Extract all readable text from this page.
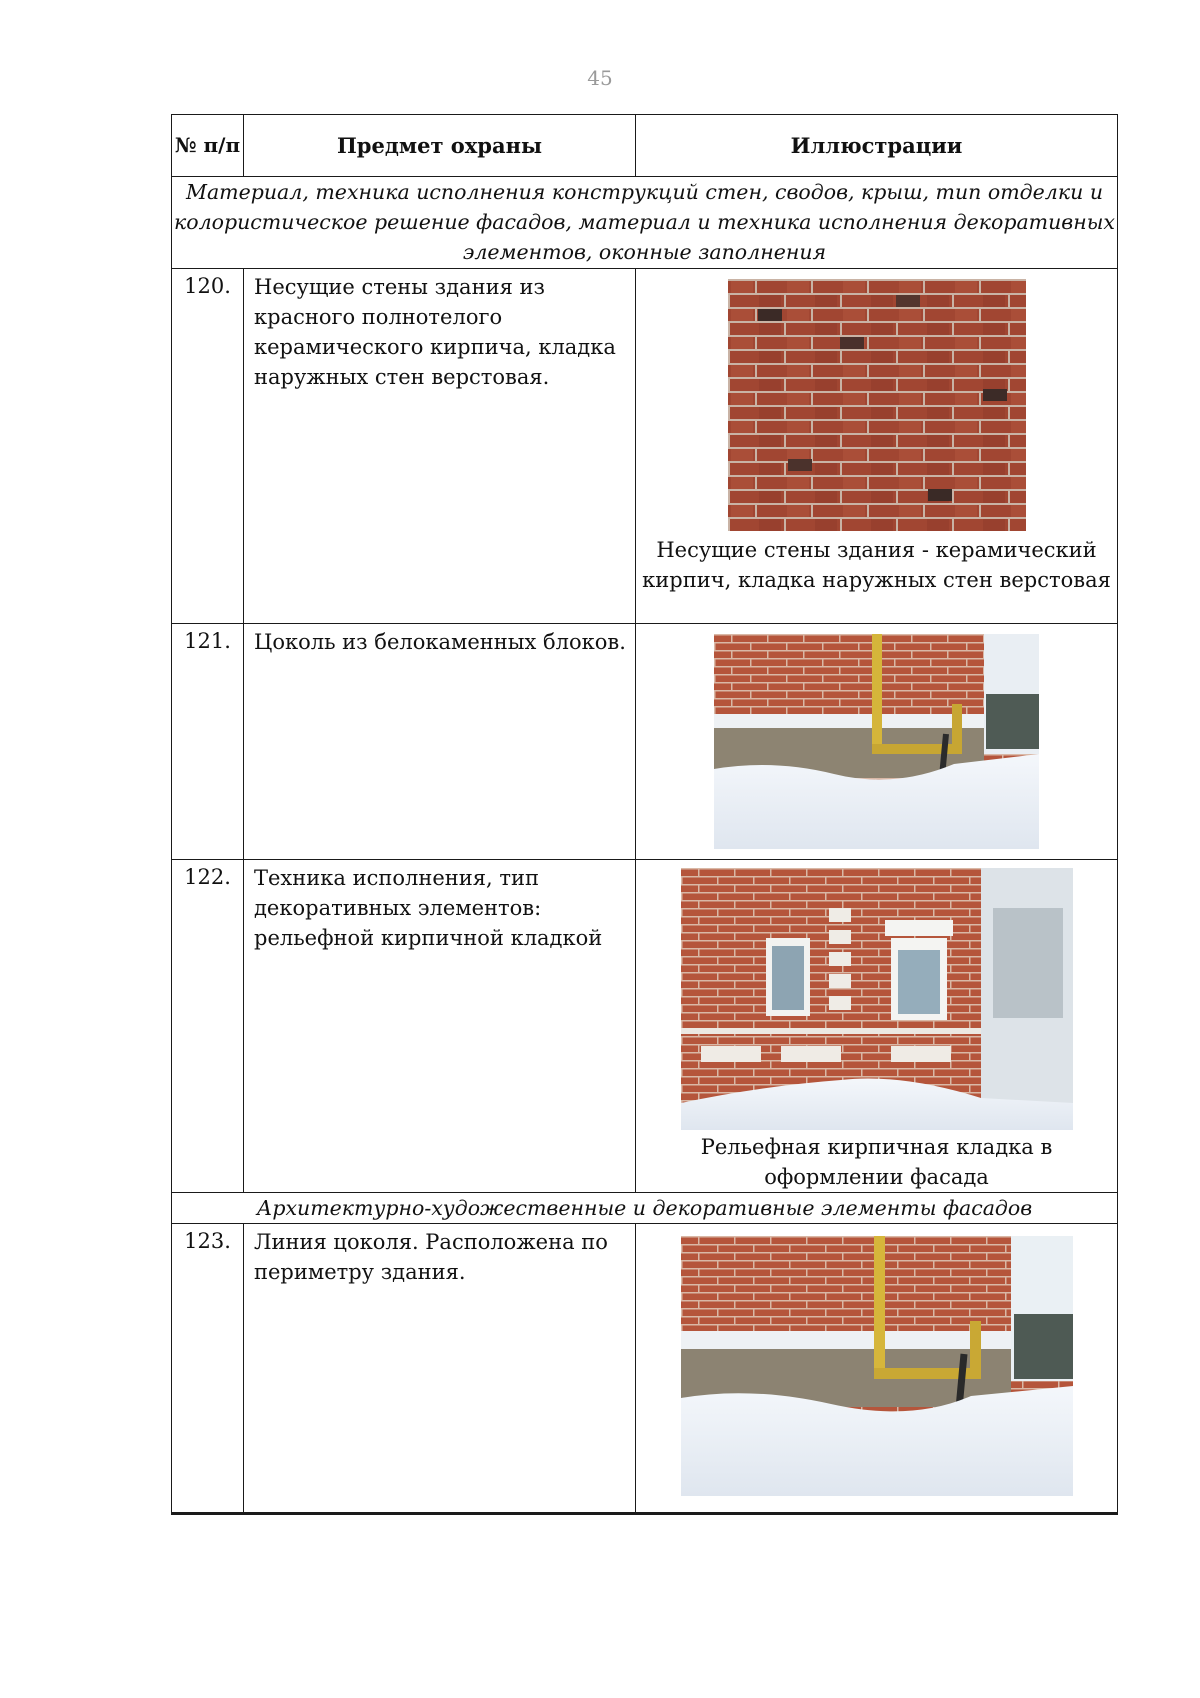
45
№ п/п	Предмет охраны	Иллюстрации
Материал, техника исполнения конструкций стен, сводов, крыш, тип отделки и колористическое решение фасадов, материал и техника исполнения декоративных элементов, оконные заполнения		
120.	Несущие стены здания из красного полнотелого керамического кирпича, кладка наружных стен верстовая.	Несущие стены здания - керамический кирпич, кладка наружных стен верстовая

121.	Цоколь из белокаменных блоков.	

122.	Техника исполнения, тип декоративных элементов: рельефной кирпичной кладкой	Рельефная кирпичная кладка в оформлении фасада

Архитектурно-художественные и декоративные элементы фасадов		
123.	Линия цоколя. Расположена по периметру здания.	
